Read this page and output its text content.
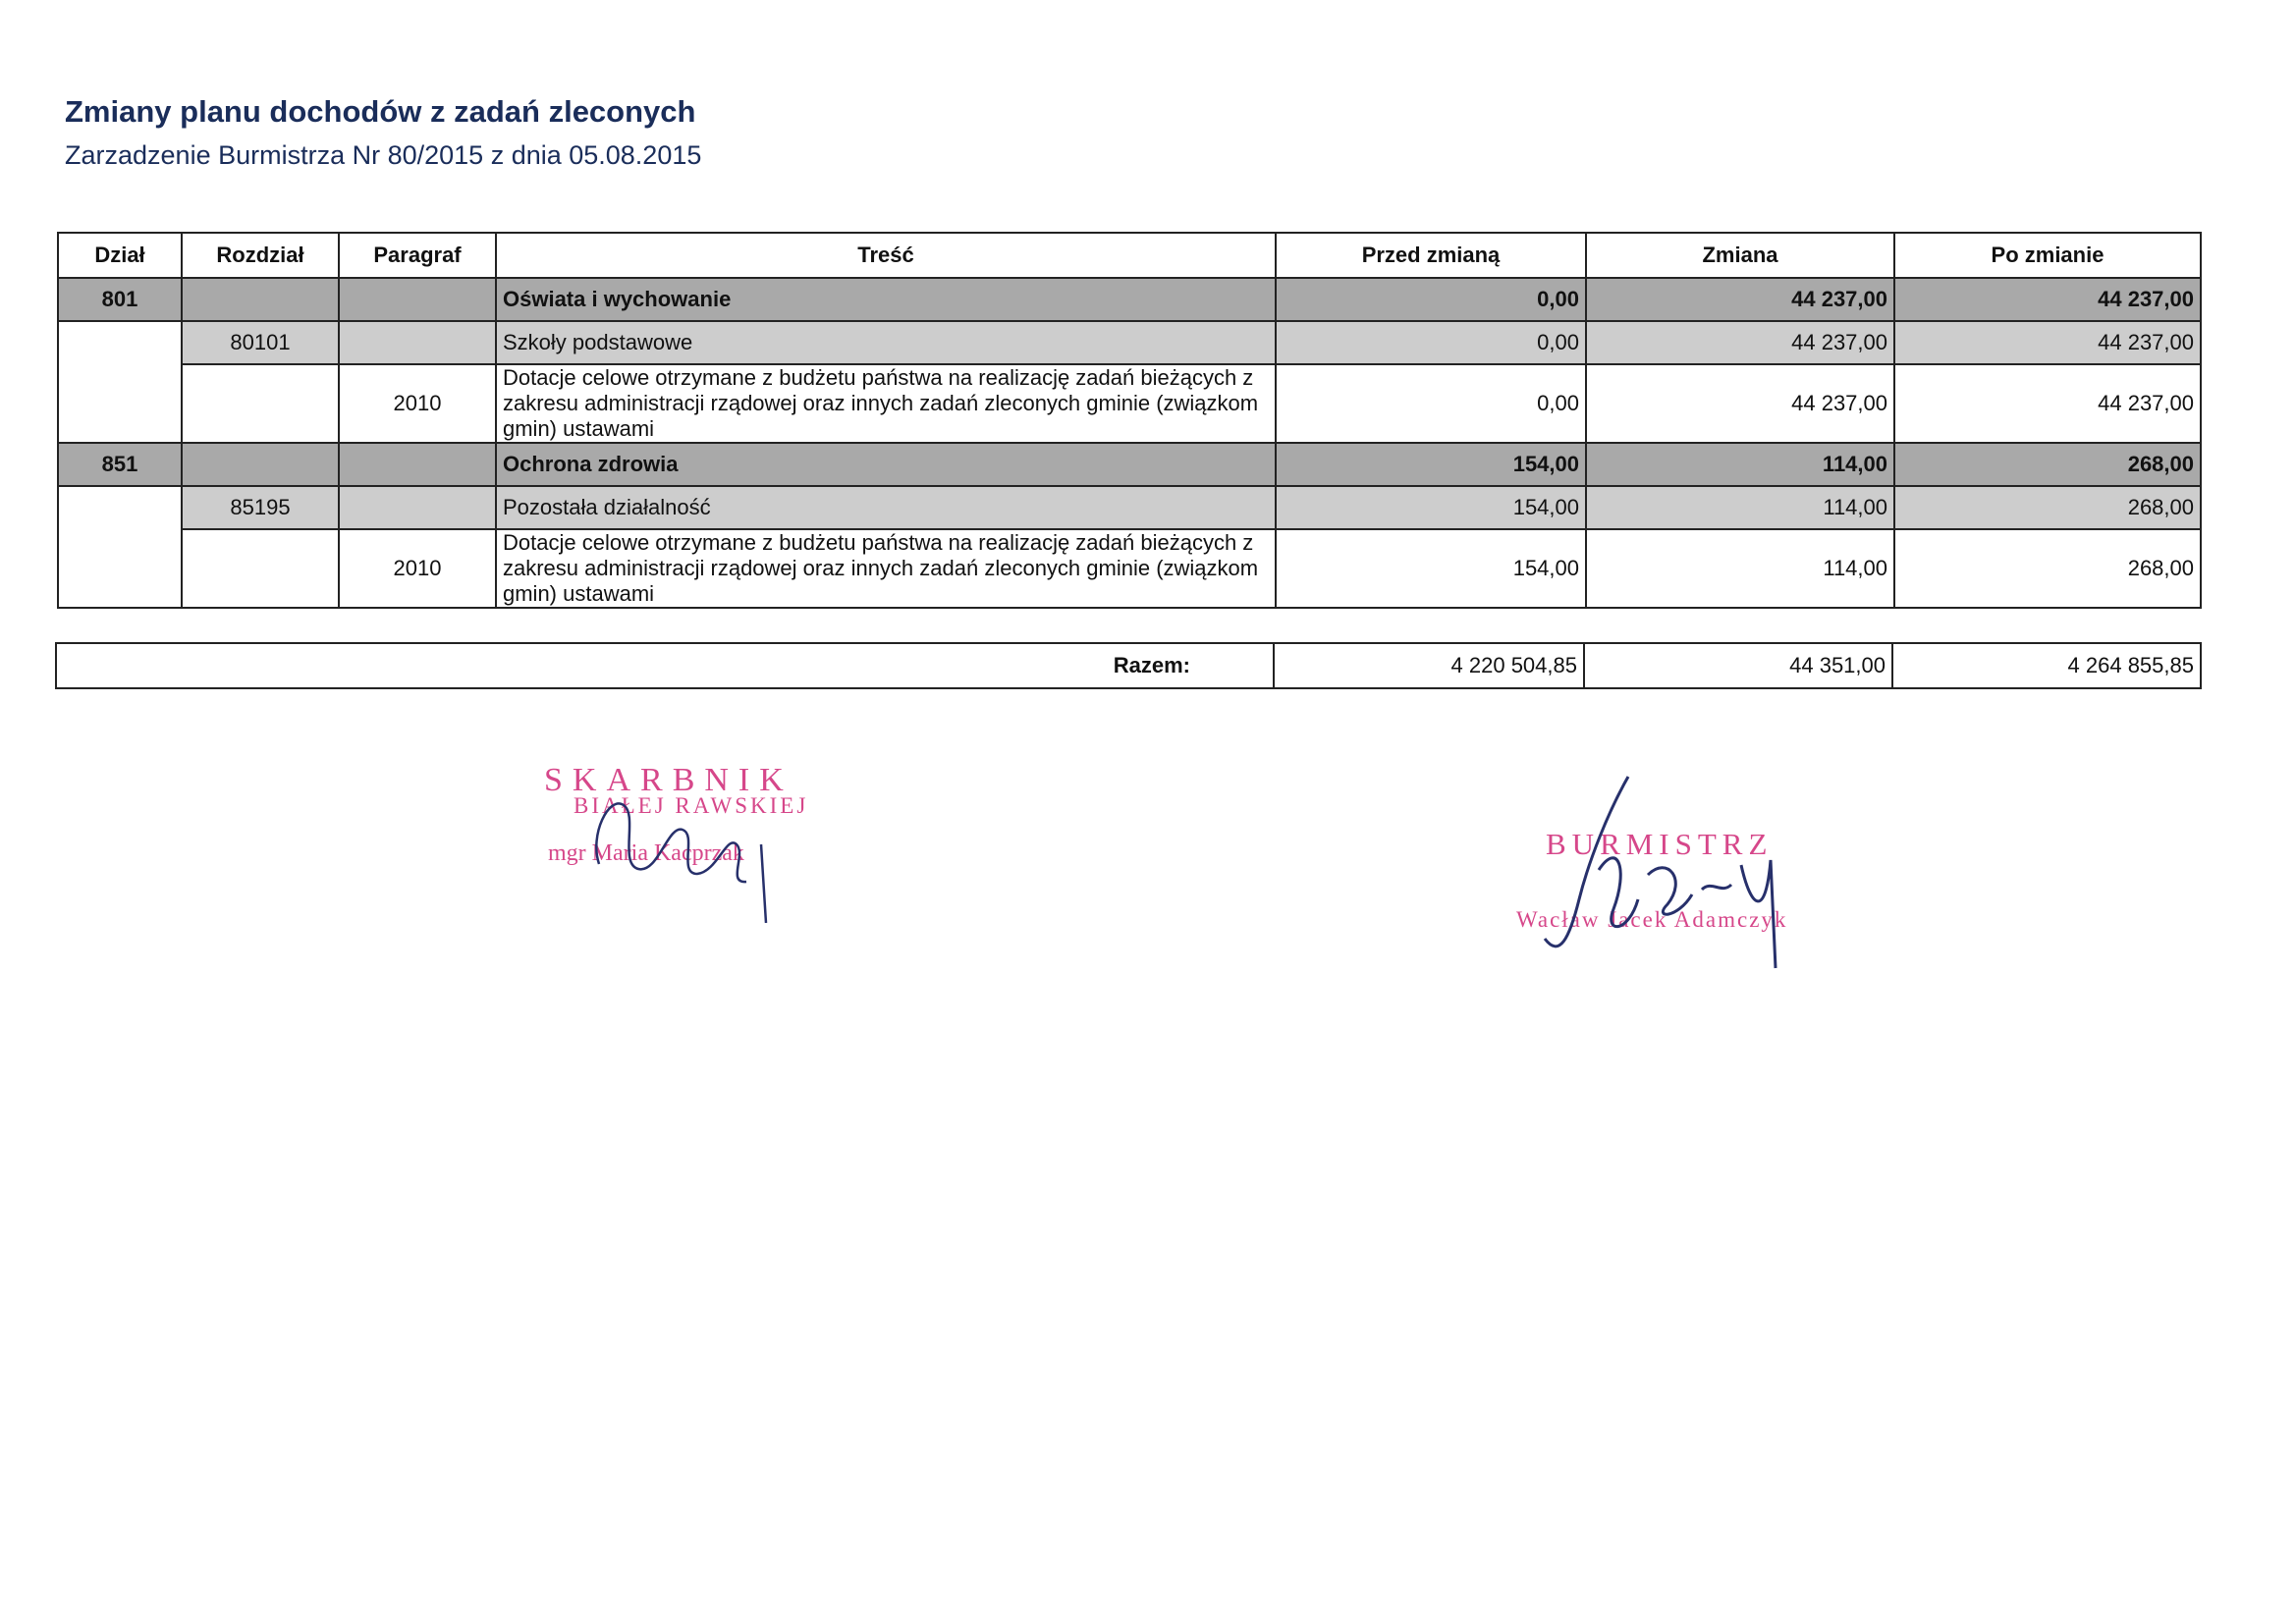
Zmiany planu dochodów z zadań zleconych
Zarzadzenie Burmistrza Nr 80/2015 z dnia 05.08.2015
Dział	Rozdział	Paragraf	Treść	Przed zmianą	Zmiana	Po zmianie
801			Oświata i wychowanie	0,00	44 237,00	44 237,00
	80101		Szkoły podstawowe	0,00	44 237,00	44 237,00
		2010	Dotacje celowe otrzymane z budżetu państwa na realizację zadań bieżących z zakresu administracji rządowej oraz innych zadań zleconych gminie (związkom gmin) ustawami	0,00	44 237,00	44 237,00
851			Ochrona zdrowia	154,00	114,00	268,00
	85195		Pozostała działalność	154,00	114,00	268,00
		2010	Dotacje celowe otrzymane z budżetu państwa na realizację zadań bieżących z zakresu administracji rządowej oraz innych zadań zleconych gminie (związkom gmin) ustawami	154,00	114,00	268,00
Razem:	4 220 504,85	44 351,00	4 264 855,85
SKARBNIK
BIAŁEJ RAWSKIEJ
mgr Maria Kacprzak	BURMISTRZ
Wacław Jacek Adamczyk
